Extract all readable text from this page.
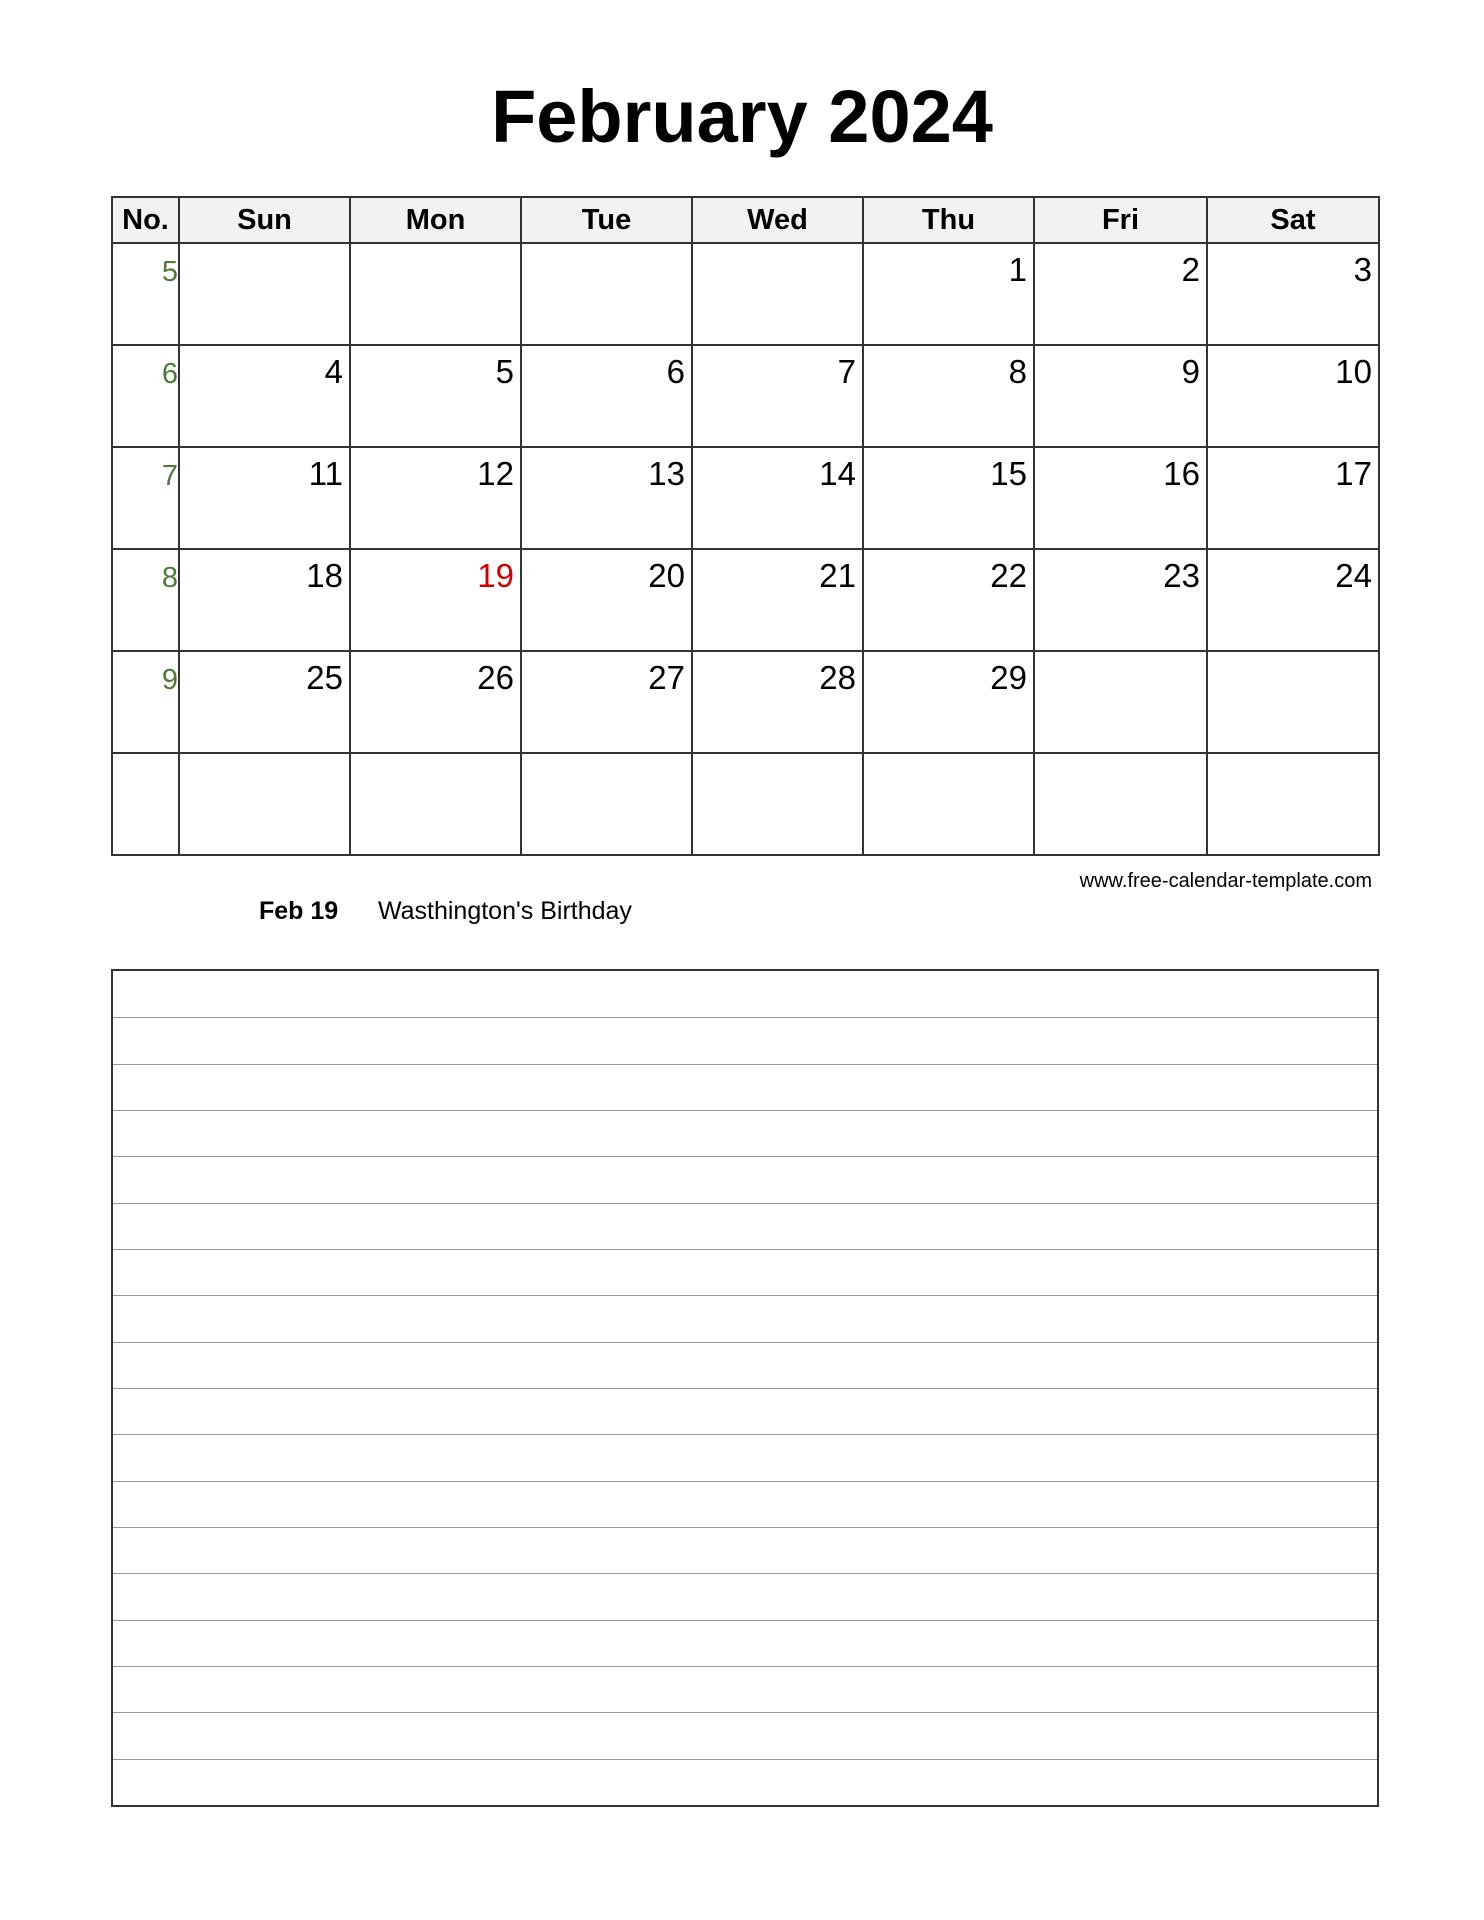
February 2024
No.	Sun	Mon	Tue	Wed	Thu	Fri	Sat

5					1	2	3

6	4	5	6	7	8	9	10

7	11	12	13	14	15	16	17

8	18	19	20	21	22	23	24

9	25	26	27	28	29		

www.free-calendar-template.com
Feb 19 Wasthington's Birthday
